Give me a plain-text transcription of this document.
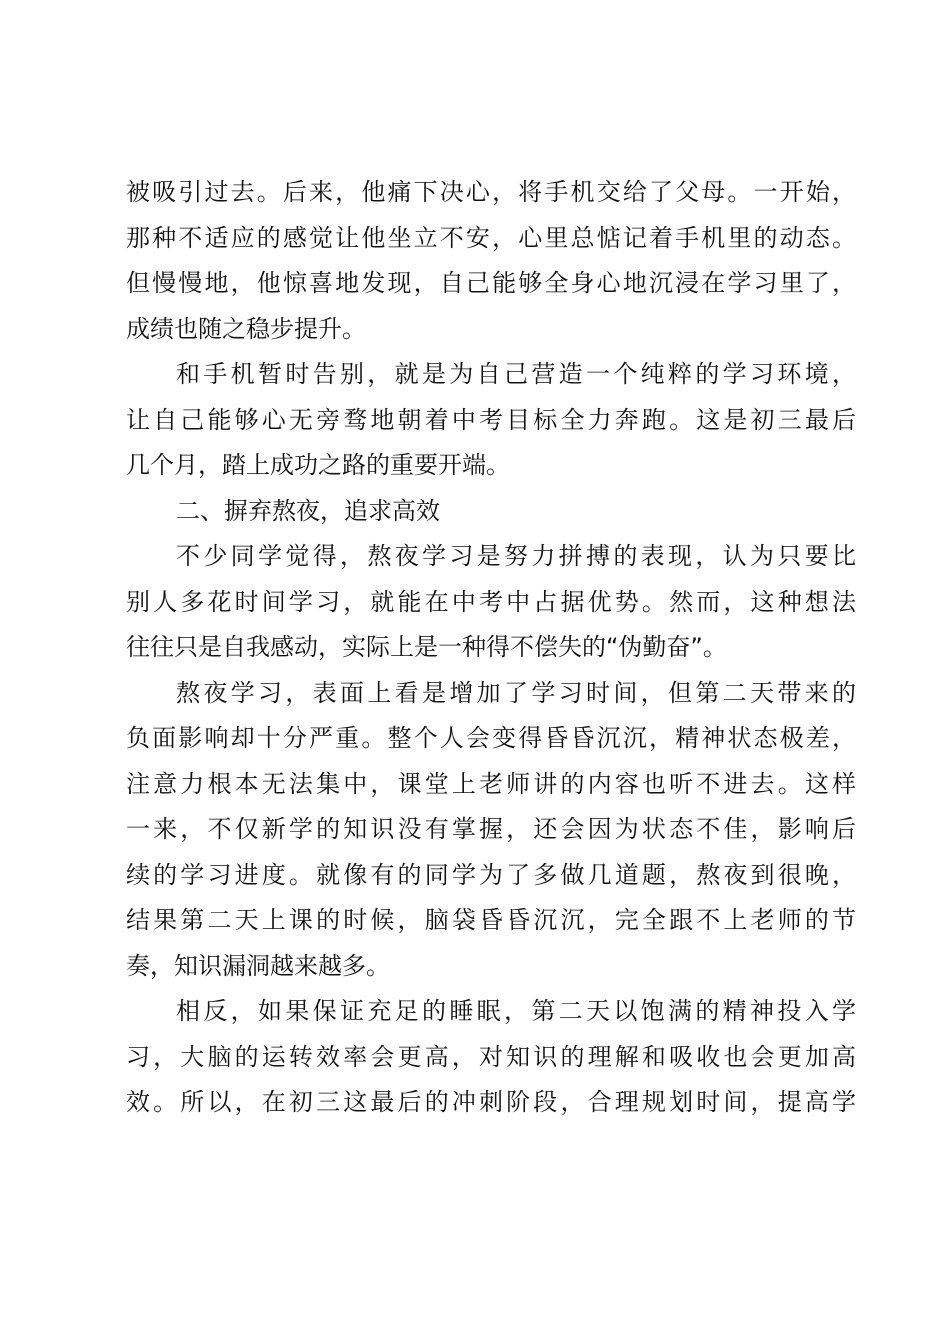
被吸引过去。后来，他痛下决心，将手机交给了父母。一开始，
那种不适应的感觉让他坐立不安，心里总惦记着手机里的动态。
但慢慢地，他惊喜地发现，自己能够全身心地沉浸在学习里了，
成绩也随之稳步提升。
和手机暂时告别，就是为自己营造一个纯粹的学习环境，
让自己能够心无旁骛地朝着中考目标全力奔跑。这是初三最后
几个月，踏上成功之路的重要开端。
二、摒弃熬夜，追求高效
不少同学觉得，熬夜学习是努力拼搏的表现，认为只要比
别人多花时间学习，就能在中考中占据优势。然而，这种想法
往往只是自我感动，实际上是一种得不偿失的“伪勤奋”。
熬夜学习，表面上看是增加了学习时间，但第二天带来的
负面影响却十分严重。整个人会变得昏昏沉沉，精神状态极差，
注意力根本无法集中，课堂上老师讲的内容也听不进去。这样
一来，不仅新学的知识没有掌握，还会因为状态不佳，影响后
续的学习进度。就像有的同学为了多做几道题，熬夜到很晚，
结果第二天上课的时候，脑袋昏昏沉沉，完全跟不上老师的节
奏，知识漏洞越来越多。
相反，如果保证充足的睡眠，第二天以饱满的精神投入学
习，大脑的运转效率会更高，对知识的理解和吸收也会更加高
效。所以，在初三这最后的冲刺阶段，合理规划时间，提高学
